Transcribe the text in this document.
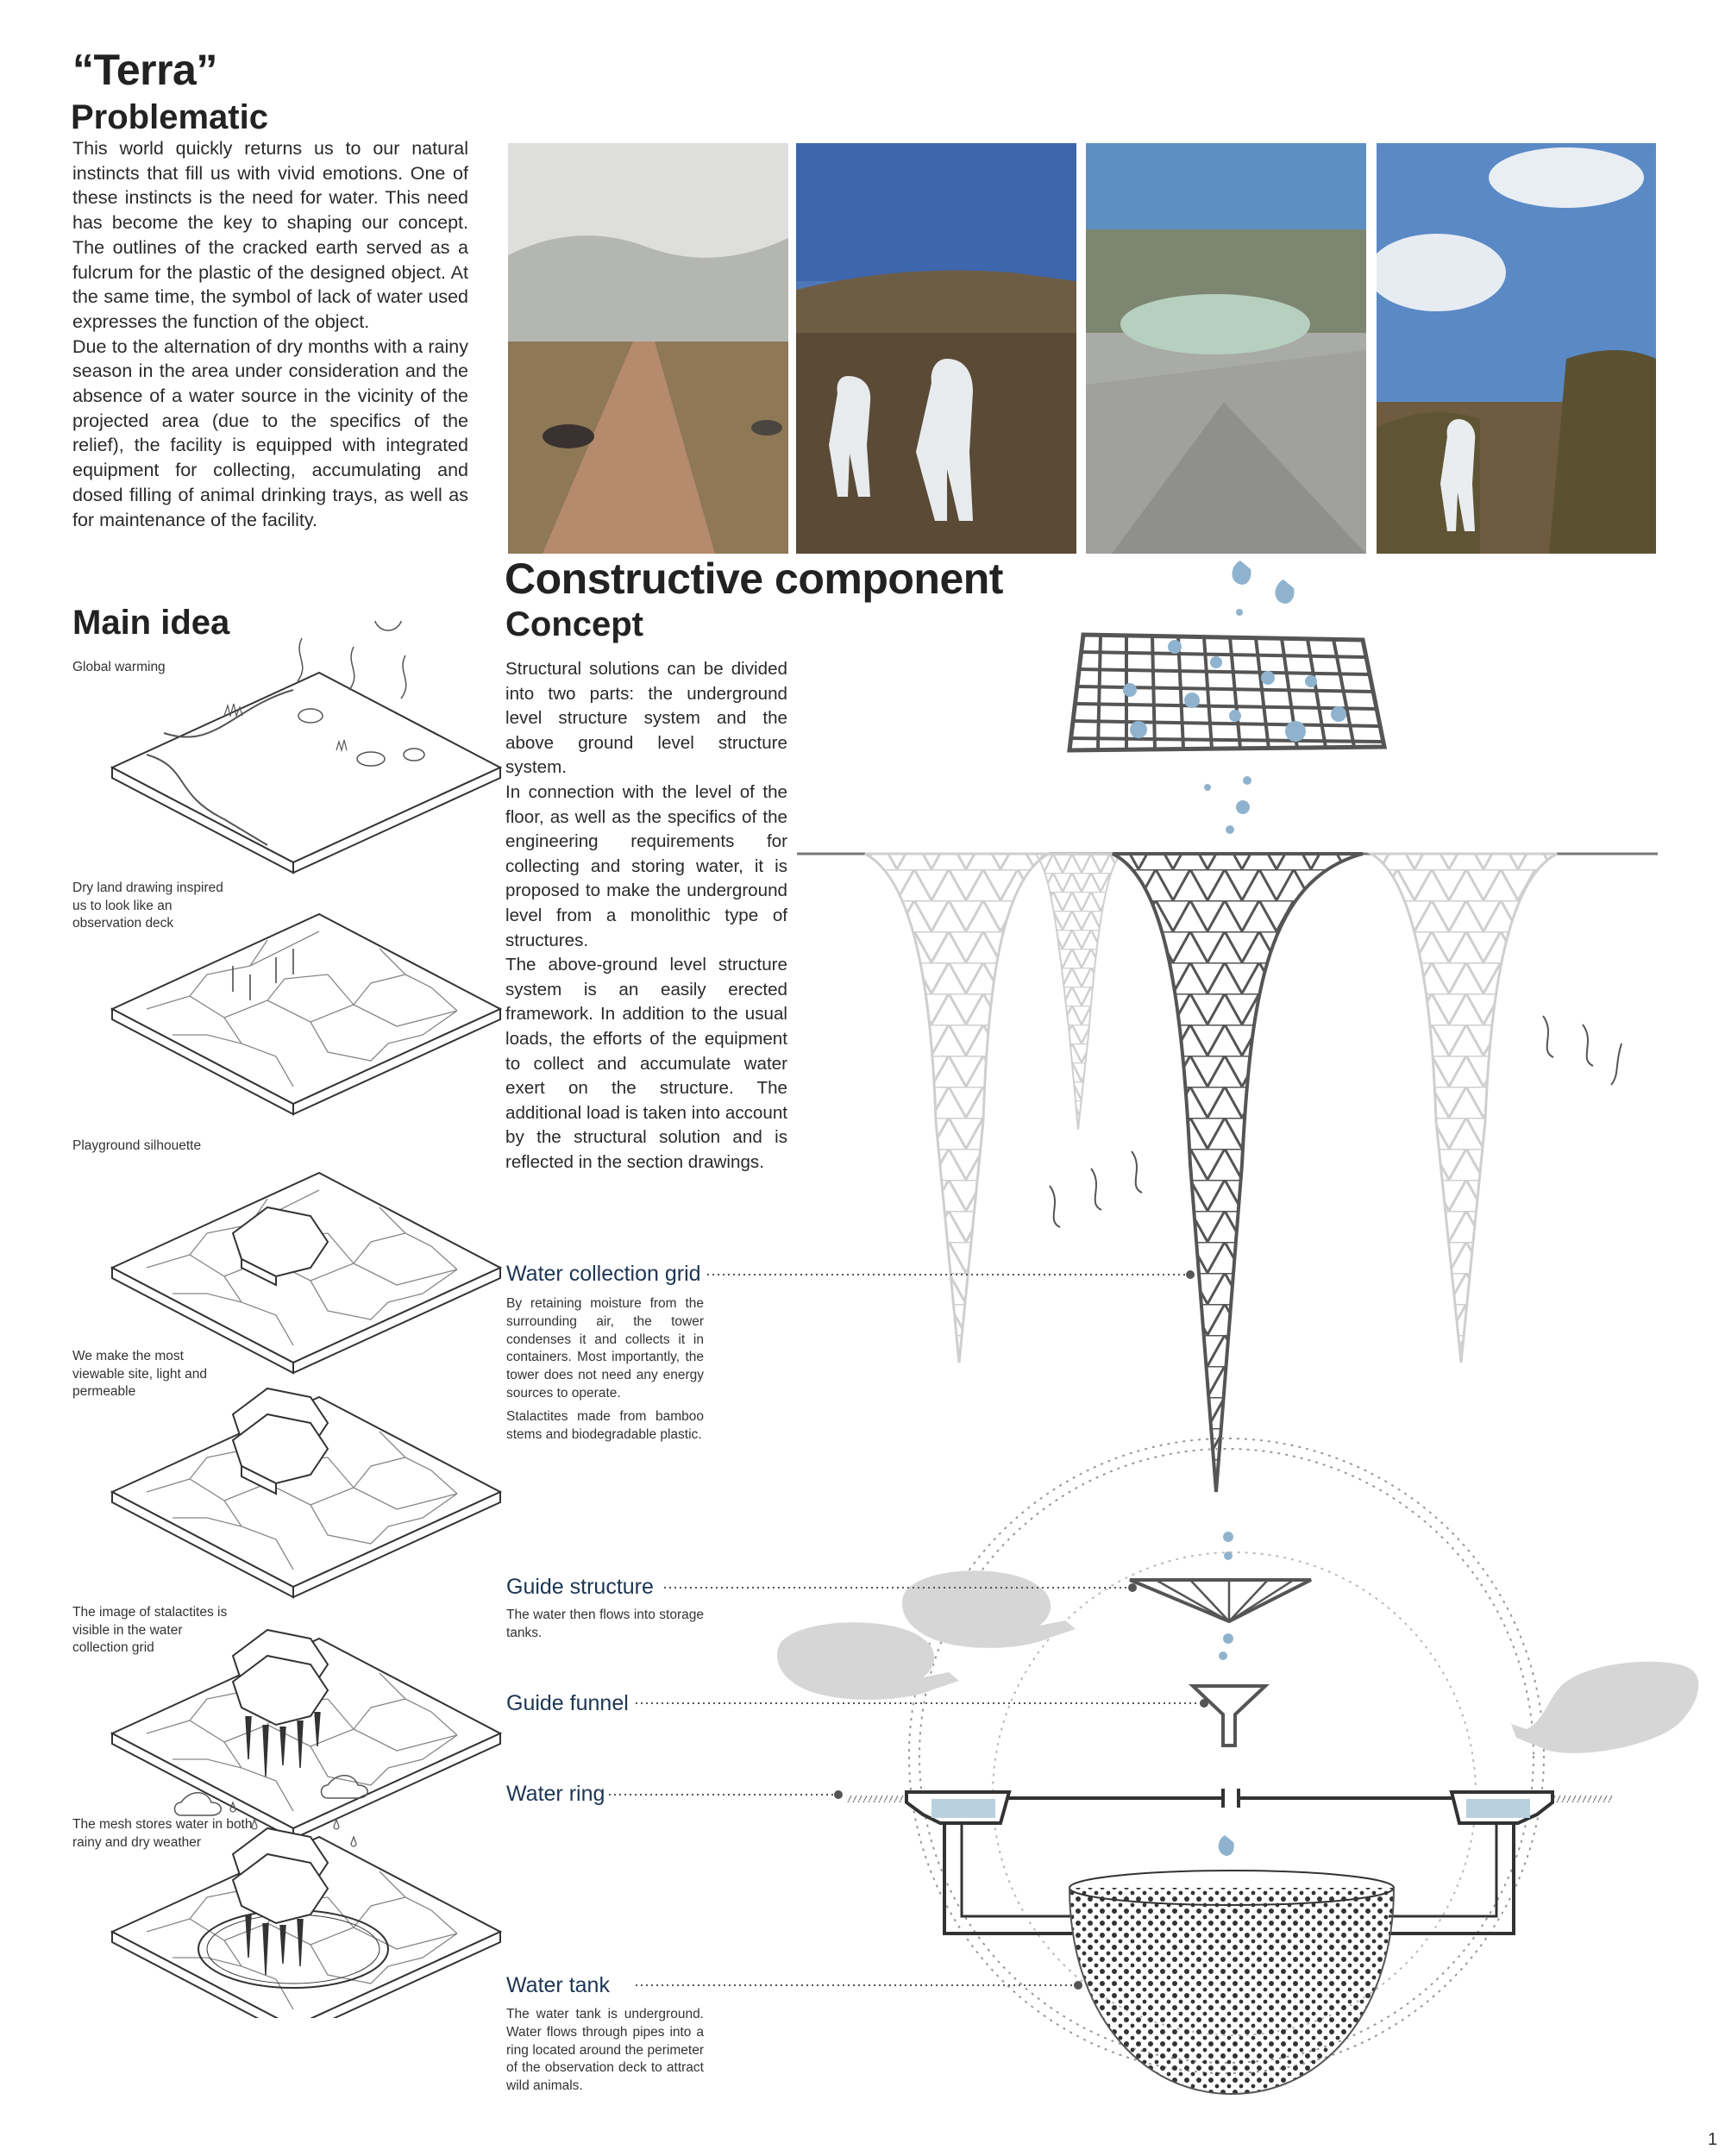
“Terra”
Problematic
This world quickly returns us to our natural instincts that fill us with vivid emotions. One of these instincts is the need for water. This need has become the key to shaping our concept. The outlines of the cracked earth served as a fulcrum for the plastic of the designed object. At the same time, the symbol of lack of water used expresses the function of the object.
Due to the alternation of dry months with a rainy season in the area under consideration and the absence of a water source in the vicinity of the projected area (due to the specifics of the relief), the facility is equipped with integrated equipment for collecting, accumulating and dosed filling of animal drinking trays, as well as for maintenance of the facility.
Main idea
Global warming
Dry land drawing inspired us to look like an observation deck
Playground silhouette
We make the most viewable site, light and permeable
The image of stalactites is visible in the water collection grid
The mesh stores water in both rainy and dry weather
Constructive component
Concept
Structural solutions can be divided into two parts: the underground level structure system and the above ground level structure system.
In connection with the level of the floor, as well as the specifics of the engineering requirements for collecting and storing water, it is proposed to make the underground level from a monolithic type of structures.
The above-ground level structure system is an easily erected framework. In addition to the usual loads, the efforts of the equipment to collect and accumulate water exert on the structure. The additional load is taken into account by the structural solution and is reflected in the section drawings.
Water collection grid
By retaining moisture from the surrounding air, the tower condenses it and collects it in containers. Most importantly, the tower does not need any energy sources to operate.
Stalactites made from bamboo stems and biodegradable plastic.
Guide structure
The water then flows into storage tanks.
Guide funnel
Water ring
Water tank
The water tank is underground. Water flows through pipes into a ring located around the perimeter of the observation deck to attract wild animals.
1
